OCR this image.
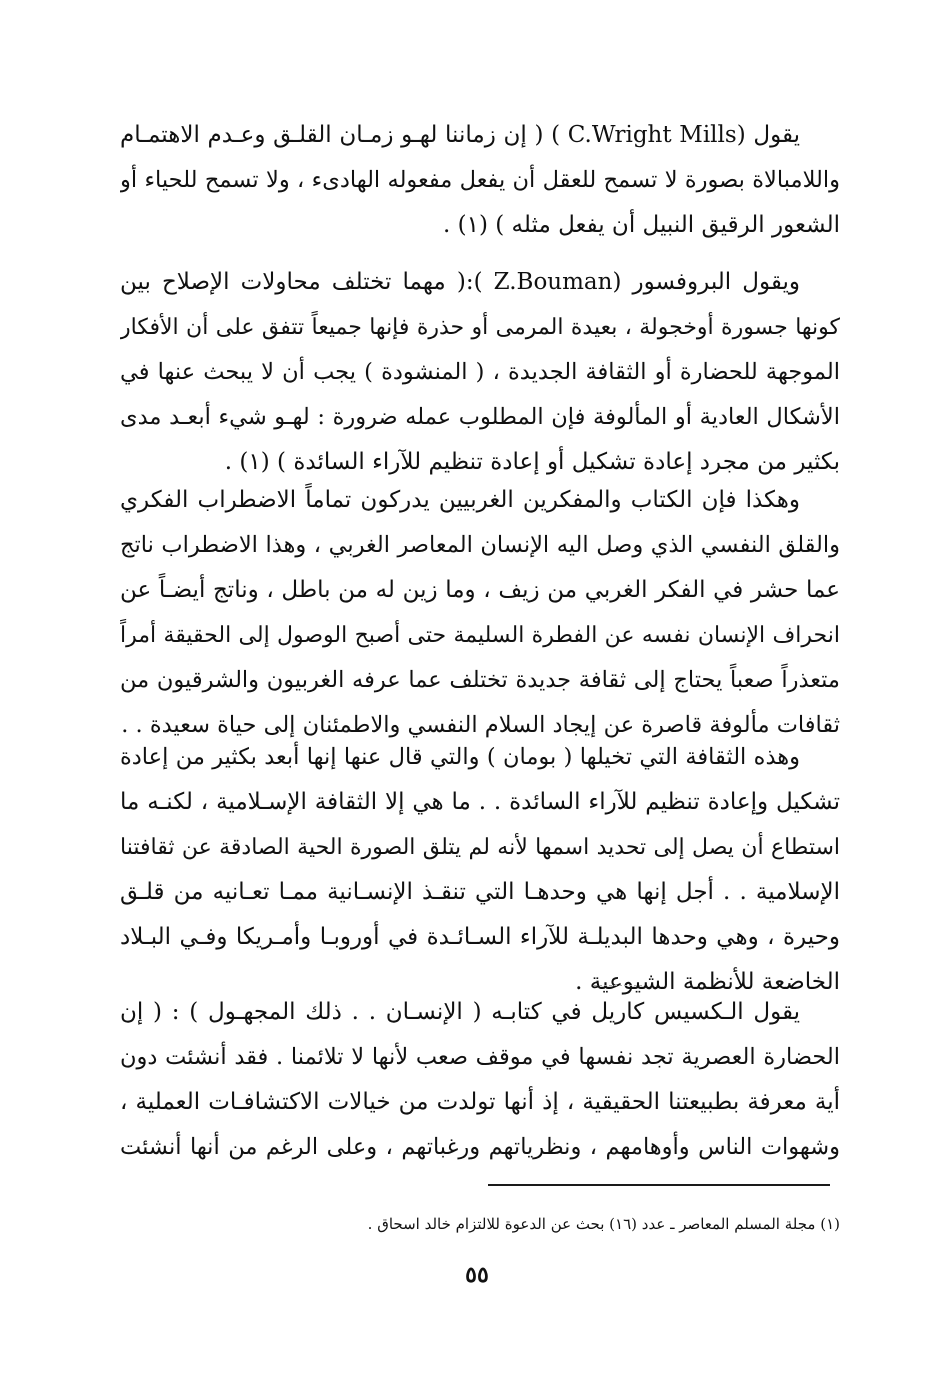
يقول (C.Wright Mills ) ( إن زماننا لهـو زمـان القلـق وعـدم الاهتمـام
واللامبالاة بصورة لا تسمح للعقل أن يفعل مفعوله الهادىء ، ولا تسمح للحياء أو
الشعور الرقيق النبيل أن يفعل مثله ) (١) .
ويقول البروفسور (Z.Bouman ):( مهما تختلف محاولات الإصلاح بين
كونها جسورة أوخجولة ، بعيدة المرمى أو حذرة فإنها جميعاً تتفق على أن الأفكار
الموجهة للحضارة أو الثقافة الجديدة ، ( المنشودة ) يجب أن لا يبحث عنها في
الأشكال العادية أو المألوفة فإن المطلوب عمله ضرورة : لهـو شيء أبعـد مدى
بكثير من مجرد إعادة تشكيل أو إعادة تنظيم للآراء السائدة ) (١) .
وهكذا فإن الكتاب والمفكرين الغربيين يدركون تماماً الاضطراب الفكري
والقلق النفسي الذي وصل اليه الإنسان المعاصر الغربي ، وهذا الاضطراب ناتج
عما حشر في الفكر الغربي من زيف ، وما زين له من باطل ، وناتج أيضـاً عن
انحراف الإنسان نفسه عن الفطرة السليمة حتى أصبح الوصول إلى الحقيقة أمراً
متعذراً صعباً يحتاج إلى ثقافة جديدة تختلف عما عرفه الغربيون والشرقيون من
ثقافات مألوفة قاصرة عن إيجاد السلام النفسي والاطمئنان إلى حياة سعيدة . .
وهذه الثقافة التي تخيلها ( بومان ) والتي قال عنها إنها أبعد بكثير من إعادة
تشكيل وإعادة تنظيم للآراء السائدة . . ما هي إلا الثقافة الإسـلامية ، لكنـه ما
استطاع أن يصل إلى تحديد اسمها لأنه لم يتلق الصورة الحية الصادقة عن ثقافتنا
الإسلامية . . أجل إنها هي وحدهـا التي تنقـذ الإنسـانية ممـا تعـانيه من قلـق
وحيرة ، وهي وحدها البديلـة للآراء السـائـدة في أوروبـا وأمـريكا وفـي البـلاد
الخاضعة للأنظمة الشيوعية .
يقول الـكسيس كاريل في كتابـه ( الإنسـان . . ذلك المجهـول ) : ( إن
الحضارة العصرية تجد نفسها في موقف صعب لأنها لا تلائمنا . فقد أنشئت دون
أية معرفة بطبيعتنا الحقيقية ، إذ أنها تولدت من خيالات الاكتشافـات العملية ،
وشهوات الناس وأوهامهم ، ونظرياتهم ورغباتهم ، وعلى الرغم من أنها أنشئت
(١) مجلة المسلم المعاصر ـ عدد (١٦) بحث عن الدعوة للالتزام خالد اسحاق .
٥٥
